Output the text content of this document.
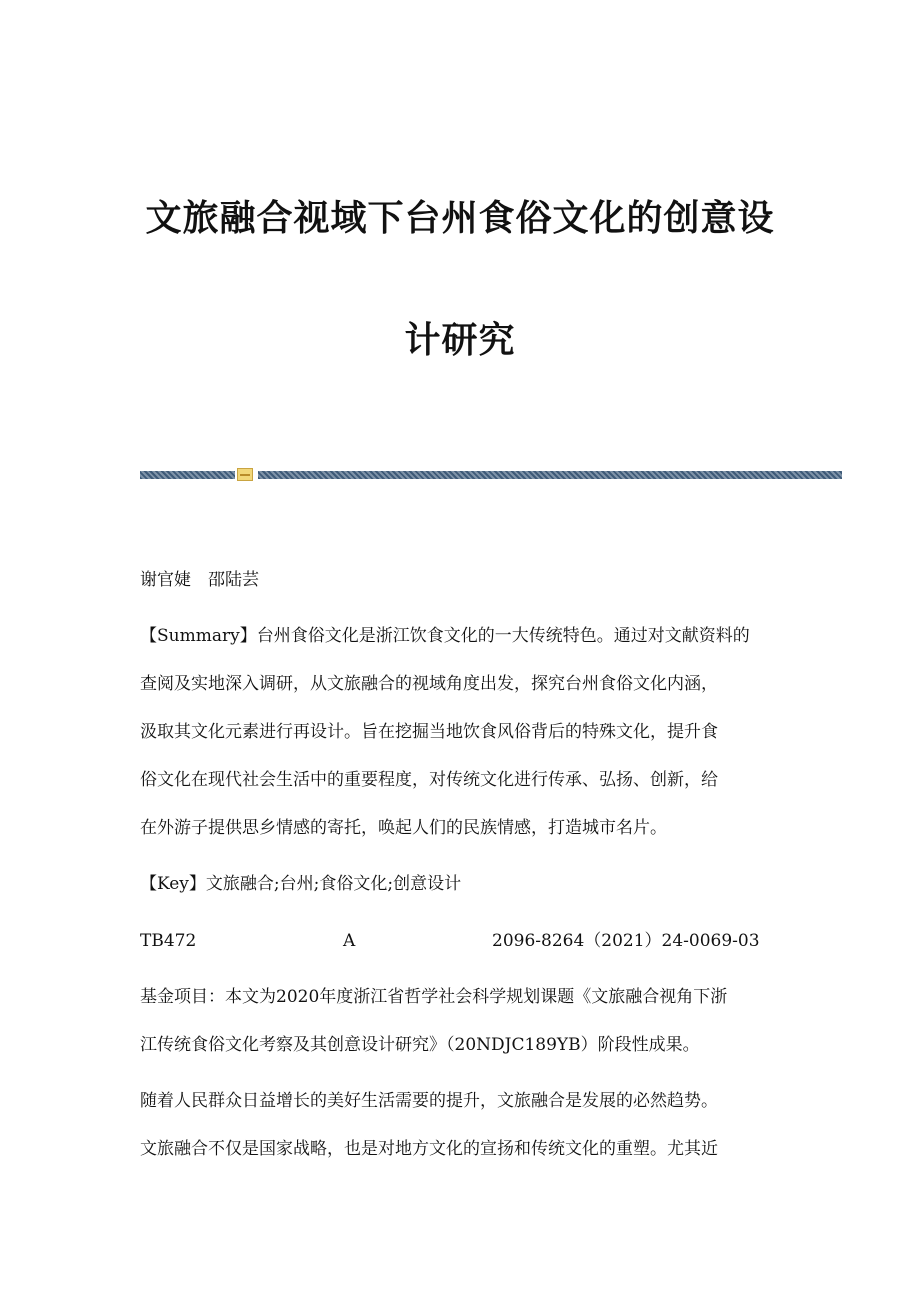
文旅融合视域下台州食俗文化的创意设
计研究

谢官婕　邵陆芸

【Summary】台州食俗文化是浙江饮食文化的一大传统特色。通过对文献资料的

查阅及实地深入调研，从文旅融合的视域角度出发，探究台州食俗文化内涵，

汲取其文化元素进行再设计。旨在挖掘当地饮食风俗背后的特殊文化，提升食

俗文化在现代社会生活中的重要程度，对传统文化进行传承、弘扬、创新，给

在外游子提供思乡情感的寄托，唤起人们的民族情感，打造城市名片。

【Key】文旅融合;台州;食俗文化;创意设计

TB472	A	2096-8264（2021）24-0069-03

基金项目：本文为2020年度浙江省哲学社会科学规划课题《文旅融合视角下浙

江传统食俗文化考察及其创意设计研究》（20NDJC189YB）阶段性成果。

随着人民群众日益增长的美好生活需要的提升，文旅融合是发展的必然趋势。

文旅融合不仅是国家战略，也是对地方文化的宣扬和传统文化的重塑。尤其近
